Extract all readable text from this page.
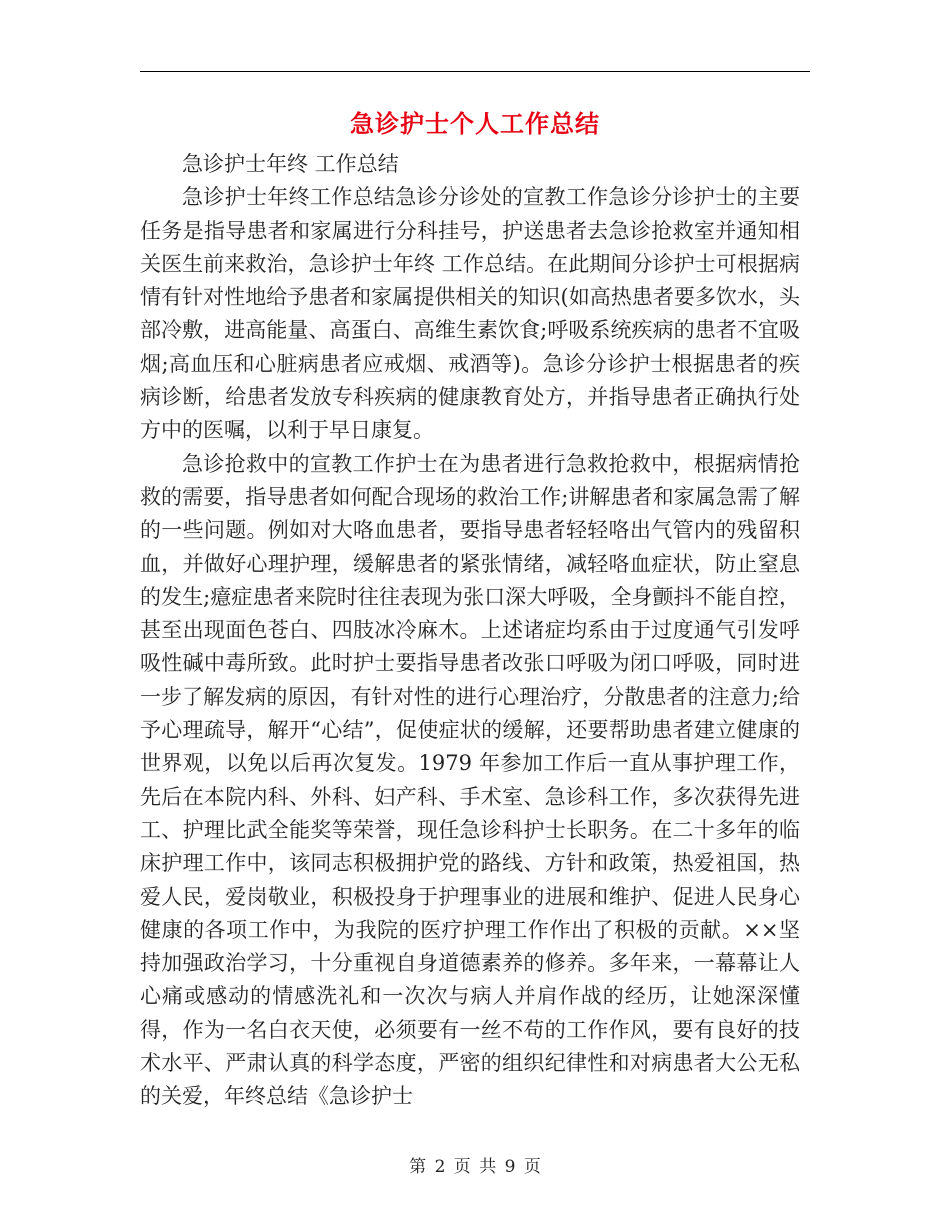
急诊护士个人工作总结

急诊护士年终 工作总结

急诊护士年终工作总结急诊分诊处的宣教工作急诊分诊护士的主要任务是指导患者和家属进行分科挂号，护送患者去急诊抢救室并通知相关医生前来救治，急诊护士年终 工作总结。在此期间分诊护士可根据病情有针对性地给予患者和家属提供相关的知识(如高热患者要多饮水，头部冷敷，进高能量、高蛋白、高维生素饮食;呼吸系统疾病的患者不宜吸烟;高血压和心脏病患者应戒烟、戒酒等)。急诊分诊护士根据患者的疾病诊断，给患者发放专科疾病的健康教育处方，并指导患者正确执行处方中的医嘱，以利于早日康复。

急诊抢救中的宣教工作护士在为患者进行急救抢救中，根据病情抢救的需要，指导患者如何配合现场的救治工作;讲解患者和家属急需了解的一些问题。例如对大咯血患者，要指导患者轻轻咯出气管内的残留积血，并做好心理护理，缓解患者的紧张情绪，减轻咯血症状，防止窒息的发生;癔症患者来院时往往表现为张口深大呼吸，全身颤抖不能自控，甚至出现面色苍白、四肢冰冷麻木。上述诸症均系由于过度通气引发呼吸性碱中毒所致。此时护士要指导患者改张口呼吸为闭口呼吸，同时进一步了解发病的原因，有针对性的进行心理治疗，分散患者的注意力;给予心理疏导，解开“心结”，促使症状的缓解，还要帮助患者建立健康的世界观，以免以后再次复发。1979 年参加工作后一直从事护理工作，先后在本院内科、外科、妇产科、手术室、急诊科工作，多次获得先进工、护理比武全能奖等荣誉，现任急诊科护士长职务。在二十多年的临床护理工作中，该同志积极拥护党的路线、方针和政策，热爱祖国，热爱人民，爱岗敬业，积极投身于护理事业的进展和维护、促进人民身心健康的各项工作中，为我院的医疗护理工作作出了积极的贡献。××坚持加强政治学习，十分重视自身道德素养的修养。多年来，一幕幕让人心痛或感动的情感洗礼和一次次与病人并肩作战的经历，让她深深懂得，作为一名白衣天使，必须要有一丝不苟的工作作风，要有良好的技术水平、严肃认真的科学态度，严密的组织纪律性和对病患者大公无私的关爱，年终总结《急诊护士

第 2 页 共 9 页
